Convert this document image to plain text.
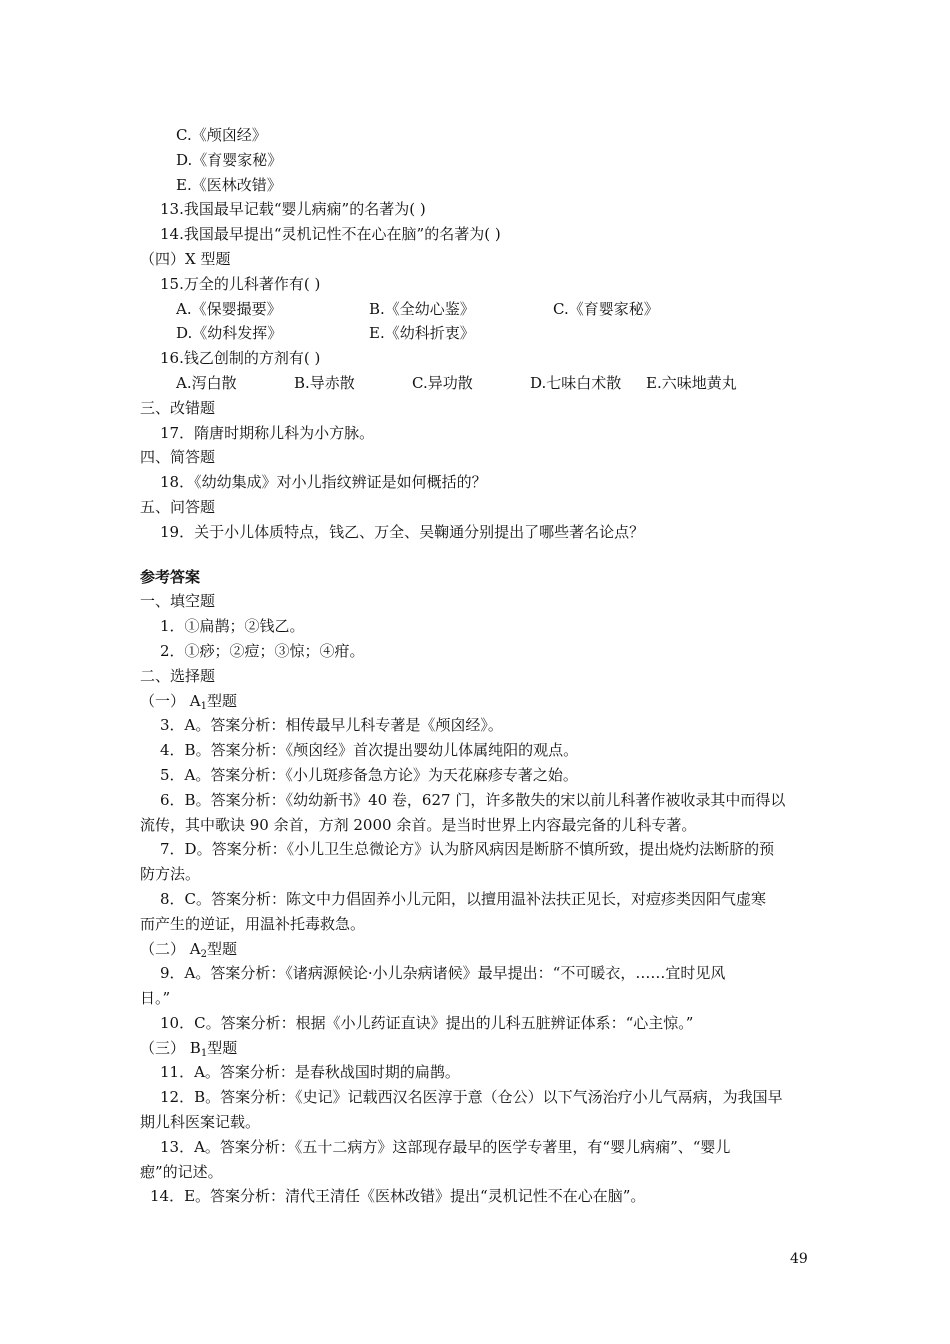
C.《颅囟经》
D.《育婴家秘》
E.《医林改错》
13.我国最早记载“婴儿病痫”的名著为( )
14.我国最早提出“灵机记性不在心在脑”的名著为( )
（四）X 型题
15.万全的儿科著作有( )
A.《保婴撮要》	B.《全幼心鉴》	C.《育婴家秘》
D.《幼科发挥》	E.《幼科折衷》
16.钱乙创制的方剂有( )
A.泻白散	B.导赤散	C.异功散	D.七味白术散 E.六味地黄丸
三、改错题
17．隋唐时期称儿科为小方脉。
四、简答题
18．《幼幼集成》对小儿指纹辨证是如何概括的？
五、问答题
19．关于小儿体质特点，钱乙、万全、吴鞠通分别提出了哪些著名论点？
参考答案
一、填空题
1．①扁鹊；②钱乙。
2．①痧；②痘；③惊；④疳。
二、选择题
（一） $A_1$型题
3．A。答案分析：相传最早儿科专著是《颅囟经》。
4．B。答案分析：《颅囟经》首次提出婴幼儿体属纯阳的观点。
5．A。答案分析：《小儿斑疹备急方论》为天花麻疹专著之始。
6．B。答案分析：《幼幼新书》40 卷，627 门，许多散失的宋以前儿科著作被收录其中而得以
流传，其中歌诀 90 余首，方剂 2000 余首。是当时世界上内容最完备的儿科专著。
7．D。答案分析：《小儿卫生总微论方》认为脐风病因是断脐不慎所致，提出烧灼法断脐的预
防方法。
8．C。答案分析：陈文中力倡固养小儿元阳，以擅用温补法扶正见长，对痘疹类因阳气虚寒
而产生的逆证，用温补托毒救急。
（二） $A_2$型题
9．A。答案分析：《诸病源候论·小儿杂病诸候》最早提出：“不可暖衣，……宜时见风
日。”
10．C。答案分析：根据《小儿药证直诀》提出的儿科五脏辨证体系：“心主惊。”
（三） $B_1$型题
11．A。答案分析：是春秋战国时期的扁鹊。
12．B。答案分析：《史记》记载西汉名医淳于意（仓公）以下气汤治疗小儿气鬲病，为我国早
期儿科医案记载。
13．A。答案分析：《五十二病方》这部现存最早的医学专著里，有“婴儿病痫”、“婴儿
瘛”的记述。
14．E。答案分析：清代王清任《医林改错》提出“灵机记性不在心在脑”。
49
